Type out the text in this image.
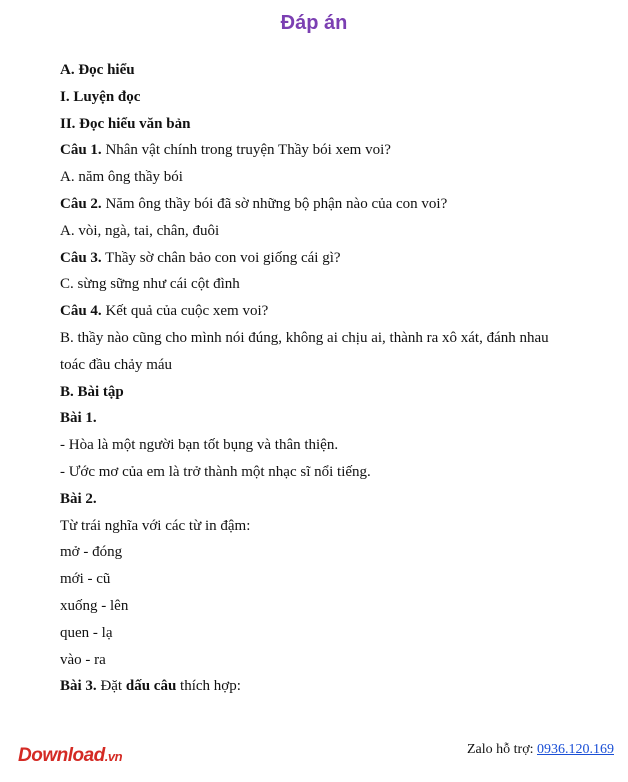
Đáp án

A. Đọc hiểu

I. Luyện đọc

II. Đọc hiểu văn bản

Câu 1. Nhân vật chính trong truyện Thầy bói xem voi?

A. năm ông thầy bói

Câu 2. Năm ông thầy bói đã sờ những bộ phận nào của con voi?

A. vòi, ngà, tai, chân, đuôi

Câu 3. Thầy sờ chân bảo con voi giống cái gì?

C. sừng sững như cái cột đình

Câu 4. Kết quả của cuộc xem voi?

B. thầy nào cũng cho mình nói đúng, không ai chịu ai, thành ra xô xát, đánh nhau

toác đầu chảy máu

B. Bài tập

Bài 1.

- Hòa là một người bạn tốt bụng và thân thiện.

- Ước mơ của em là trở thành một nhạc sĩ nổi tiếng.

Bài 2.

Từ trái nghĩa với các từ in đậm:

mở - đóng

mới - cũ

xuống - lên

quen - lạ

vào - ra

Bài 3. Đặt dấu câu thích hợp:

Download.vn	Zalo hỗ trợ: 0936.120.169
